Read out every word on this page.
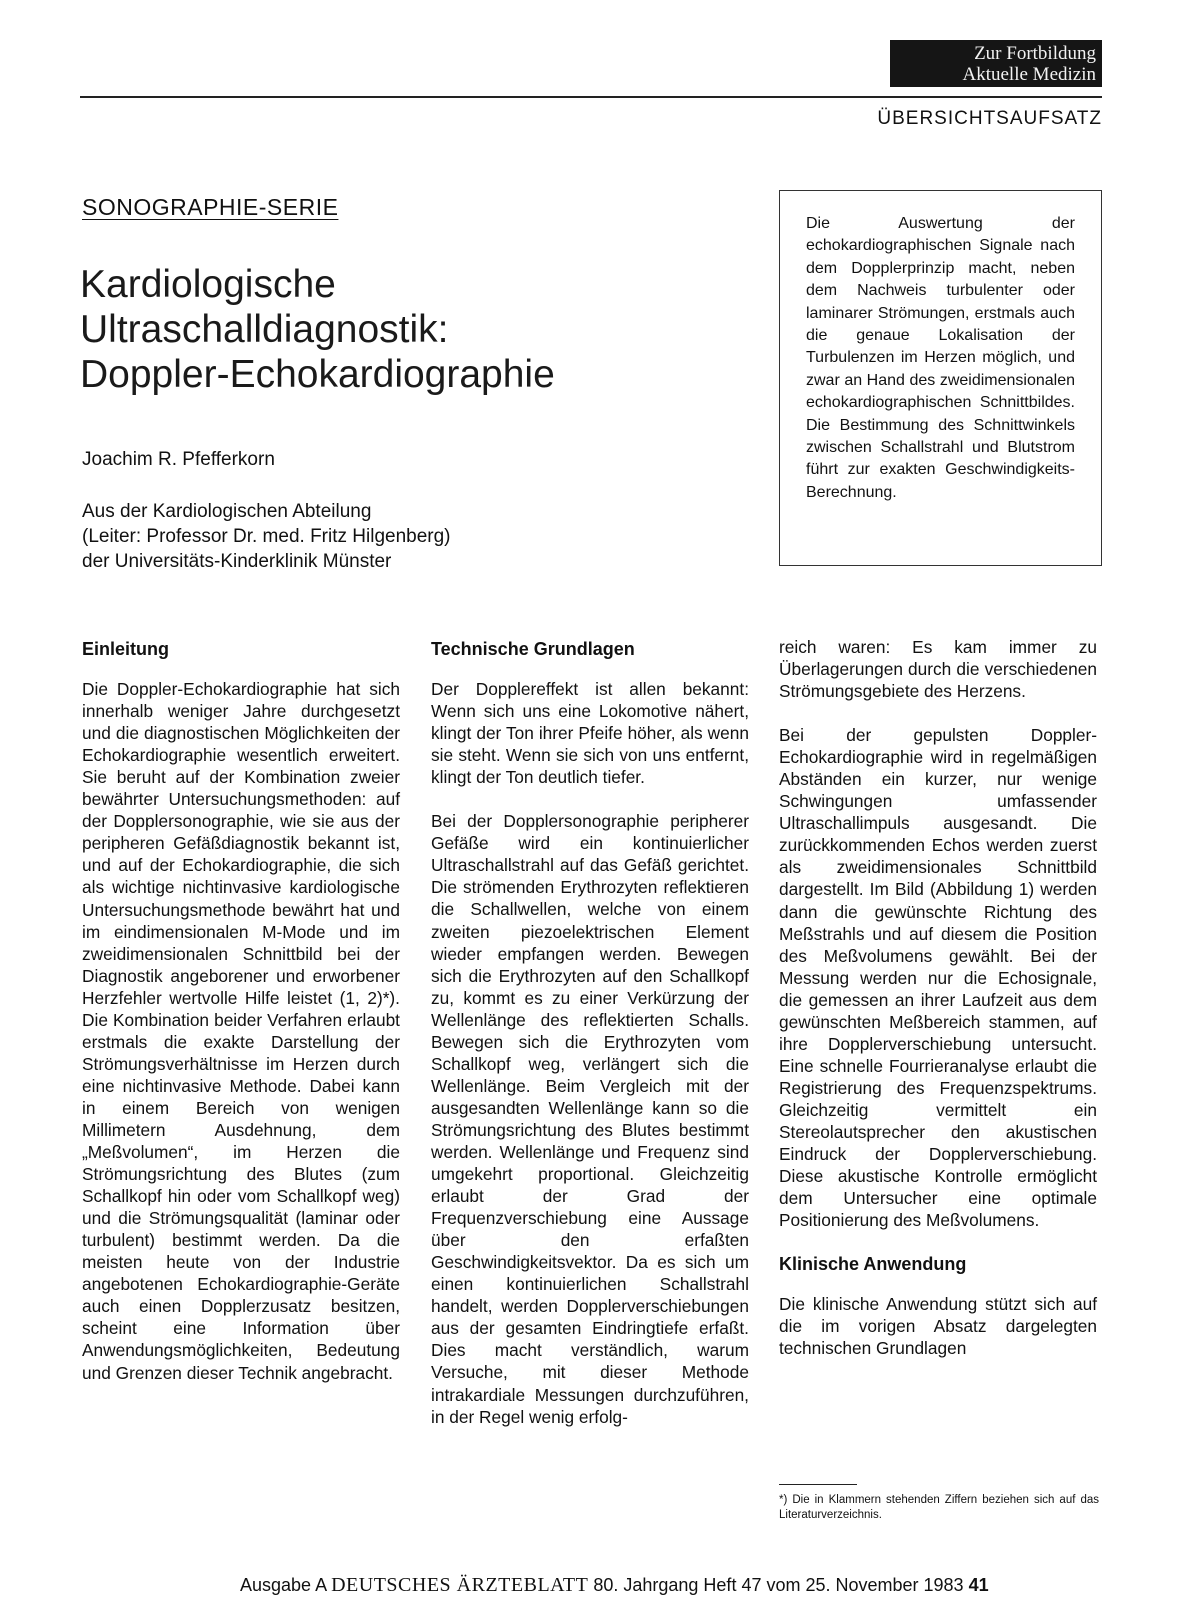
Zur Fortbildung
Aktuelle Medizin
ÜBERSICHTSAUFSATZ
SONOGRAPHIE-SERIE
Kardiologische
Ultraschalldiagnostik:
Doppler-Echokardiographie
Joachim R. Pfefferkorn
Aus der Kardiologischen Abteilung
(Leiter: Professor Dr. med. Fritz Hilgenberg)
der Universitäts-Kinderklinik Münster
Die Auswertung der echokardiographischen Signale nach dem Dopplerprinzip macht, neben dem Nachweis turbulenter oder laminarer Strömungen, erstmals auch die genaue Lokalisation der Turbulenzen im Herzen möglich, und zwar an Hand des zweidimensionalen echokardiographischen Schnittbildes. Die Bestimmung des Schnittwinkels zwischen Schallstrahl und Blutstrom führt zur exakten Geschwindigkeits-Berechnung.
Einleitung

Die Doppler-Echokardiographie hat sich innerhalb weniger Jahre durchgesetzt und die diagnostischen Möglichkeiten der Echokardiographie wesentlich erweitert. Sie beruht auf der Kombination zweier bewährter Untersuchungsmethoden: auf der Dopplersonographie, wie sie aus der peripheren Gefäßdiagnostik bekannt ist, und auf der Echokardiographie, die sich als wichtige nichtinvasive kardiologische Untersuchungsmethode bewährt hat und im eindimensionalen M-Mode und im zweidimensionalen Schnittbild bei der Diagnostik angeborener und erworbener Herzfehler wertvolle Hilfe leistet (1, 2)*). Die Kombination beider Verfahren erlaubt erstmals die exakte Darstellung der Strömungsverhältnisse im Herzen durch eine nichtinvasive Methode. Dabei kann in einem Bereich von wenigen Millimetern Ausdehnung, dem „Meßvolumen“, im Herzen die Strömungsrichtung des Blutes (zum Schallkopf hin oder vom Schallkopf weg) und die Strömungsqualität (laminar oder turbulent) bestimmt werden. Da die meisten heute von der Industrie angebotenen Echokardiographie-Geräte auch einen Dopplerzusatz besitzen, scheint eine Information über Anwendungsmöglichkeiten, Bedeutung und Grenzen dieser Technik angebracht.

Technische Grundlagen

Der Dopplereffekt ist allen bekannt: Wenn sich uns eine Lokomotive nähert, klingt der Ton ihrer Pfeife höher, als wenn sie steht. Wenn sie sich von uns entfernt, klingt der Ton deutlich tiefer.

Bei der Dopplersonographie peripherer Gefäße wird ein kontinuierlicher Ultraschallstrahl auf das Gefäß gerichtet. Die strömenden Erythrozyten reflektieren die Schallwellen, welche von einem zweiten piezoelektrischen Element wieder empfangen werden. Bewegen sich die Erythrozyten auf den Schallkopf zu, kommt es zu einer Verkürzung der Wellenlänge des reflektierten Schalls. Bewegen sich die Erythrozyten vom Schallkopf weg, verlängert sich die Wellenlänge. Beim Vergleich mit der ausgesandten Wellenlänge kann so die Strömungsrichtung des Blutes bestimmt werden. Wellenlänge und Frequenz sind umgekehrt proportional. Gleichzeitig erlaubt der Grad der Frequenzverschiebung eine Aussage über den erfaßten Geschwindigkeitsvektor. Da es sich um einen kontinuierlichen Schallstrahl handelt, werden Dopplerverschiebungen aus der gesamten Eindringtiefe erfaßt. Dies macht verständlich, warum Versuche, mit dieser Methode intrakardiale Messungen durchzuführen, in der Regel wenig erfolg-

reich waren: Es kam immer zu Überlagerungen durch die verschiedenen Strömungsgebiete des Herzens.

Bei der gepulsten Doppler-Echokardiographie wird in regelmäßigen Abständen ein kurzer, nur wenige Schwingungen umfassender Ultraschallimpuls ausgesandt. Die zurückkommenden Echos werden zuerst als zweidimensionales Schnittbild dargestellt. Im Bild (Abbildung 1) werden dann die gewünschte Richtung des Meßstrahls und auf diesem die Position des Meßvolumens gewählt. Bei der Messung werden nur die Echosignale, die gemessen an ihrer Laufzeit aus dem gewünschten Meßbereich stammen, auf ihre Dopplerverschiebung untersucht. Eine schnelle Fourrieranalyse erlaubt die Registrierung des Frequenzspektrums. Gleichzeitig vermittelt ein Stereolautsprecher den akustischen Eindruck der Dopplerverschiebung. Diese akustische Kontrolle ermöglicht dem Untersucher eine optimale Positionierung des Meßvolumens.

Klinische Anwendung

Die klinische Anwendung stützt sich auf die im vorigen Absatz dargelegten technischen Grundlagen

*) Die in Klammern stehenden Ziffern beziehen sich auf das Literaturverzeichnis.
Ausgabe A DEUTSCHES ÄRZTEBLATT 80. Jahrgang Heft 47 vom 25. November 1983 41
